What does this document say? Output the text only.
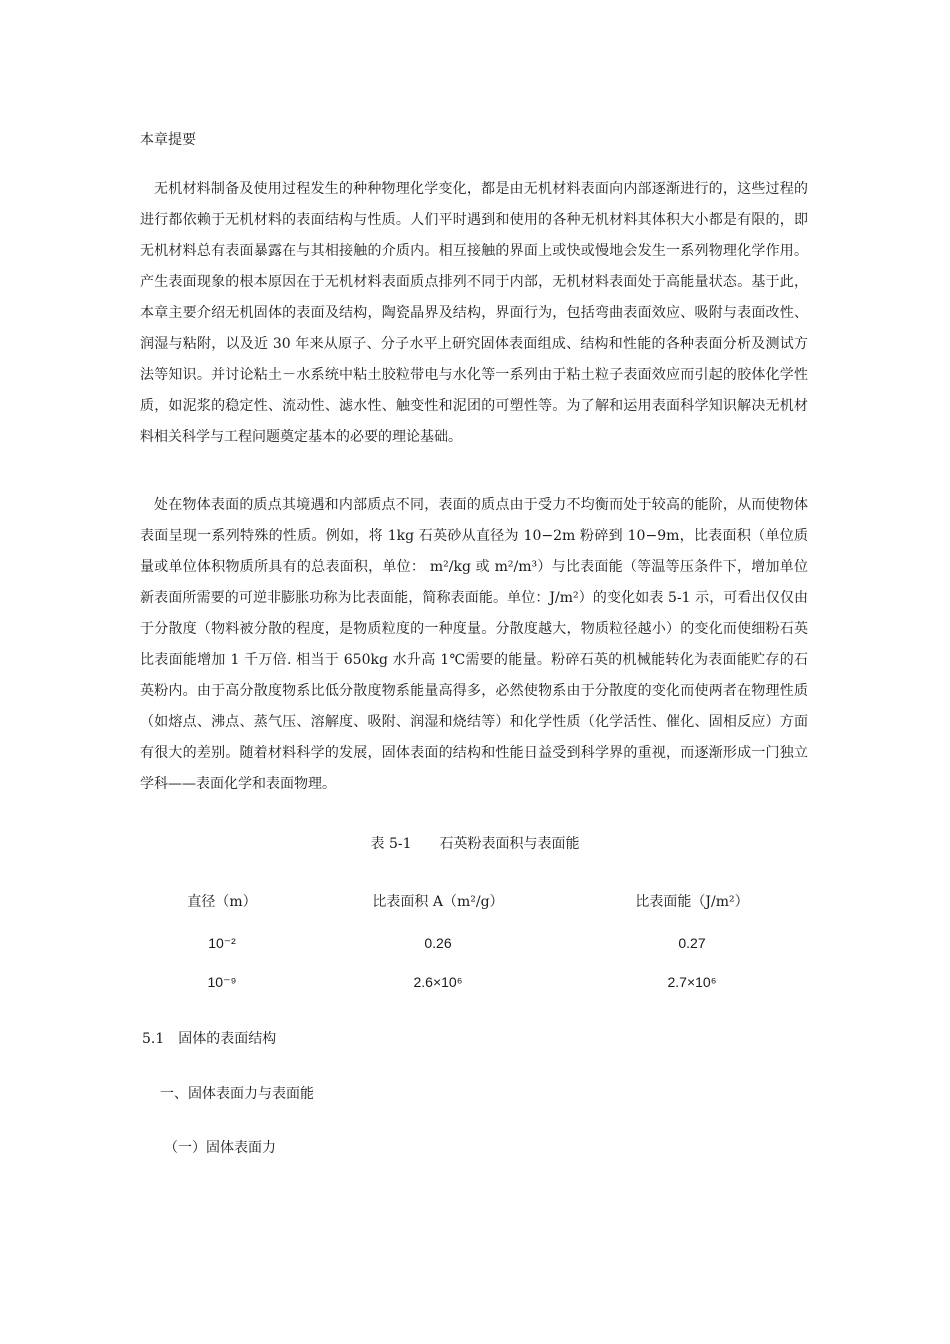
本章提要

无机材料制备及使用过程发生的种种物理化学变化，都是由无机材料表面向内部逐渐进行的，这些过程的进行都依赖于无机材料的表面结构与性质。人们平时遇到和使用的各种无机材料其体积大小都是有限的，即无机材料总有表面暴露在与其相接触的介质内。相互接触的界面上或快或慢地会发生一系列物理化学作用。产生表面现象的根本原因在于无机材料表面质点排列不同于内部，无机材料表面处于高能量状态。基于此，本章主要介绍无机固体的表面及结构，陶瓷晶界及结构，界面行为，包括弯曲表面效应、吸附与表面改性、润湿与粘附，以及近 30 年来从原子、分子水平上研究固体表面组成、结构和性能的各种表面分析及测试方法等知识。并讨论粘土－水系统中粘土胶粒带电与水化等一系列由于粘土粒子表面效应而引起的胶体化学性质，如泥浆的稳定性、流动性、滤水性、触变性和泥团的可塑性等。为了解和运用表面科学知识解决无机材料相关科学与工程问题奠定基本的必要的理论基础。

处在物体表面的质点其境遇和内部质点不同，表面的质点由于受力不均衡而处于较高的能阶，从而使物体表面呈现一系列特殊的性质。例如，将 1kg 石英砂从直径为 10−2m 粉碎到 10−9m，比表面积（单位质量或单位体积物质所具有的总表面积，单位： m²/kg 或 m²/m³）与比表面能（等温等压条件下，增加单位新表面所需要的可逆非膨胀功称为比表面能，简称表面能。单位：J/m²）的变化如表 5-1 示，可看出仅仅由于分散度（物料被分散的程度，是物质粒度的一种度量。分散度越大，物质粒径越小）的变化而使细粉石英比表面能增加 1 千万倍. 相当于 650kg 水升高 1℃需要的能量。粉碎石英的机械能转化为表面能贮存的石英粉内。由于高分散度物系比低分散度物系能量高得多，必然使物系由于分散度的变化而使两者在物理性质（如熔点、沸点、蒸气压、溶解度、吸附、润湿和烧结等）和化学性质（化学活性、催化、固相反应）方面有很大的差别。随着材料科学的发展，固体表面的结构和性能日益受到科学界的重视，而逐渐形成一门独立学科——表面化学和表面物理。

表 5-1 石英粉表面积与表面能
直径（m）	比表面积 A（m²/g）	比表面能（J/m²）
10⁻²	0.26	0.27
10⁻⁹	2.6×10⁶	2.7×10⁶
5.1　固体的表面结构
一、固体表面力与表面能
（一）固体表面力
